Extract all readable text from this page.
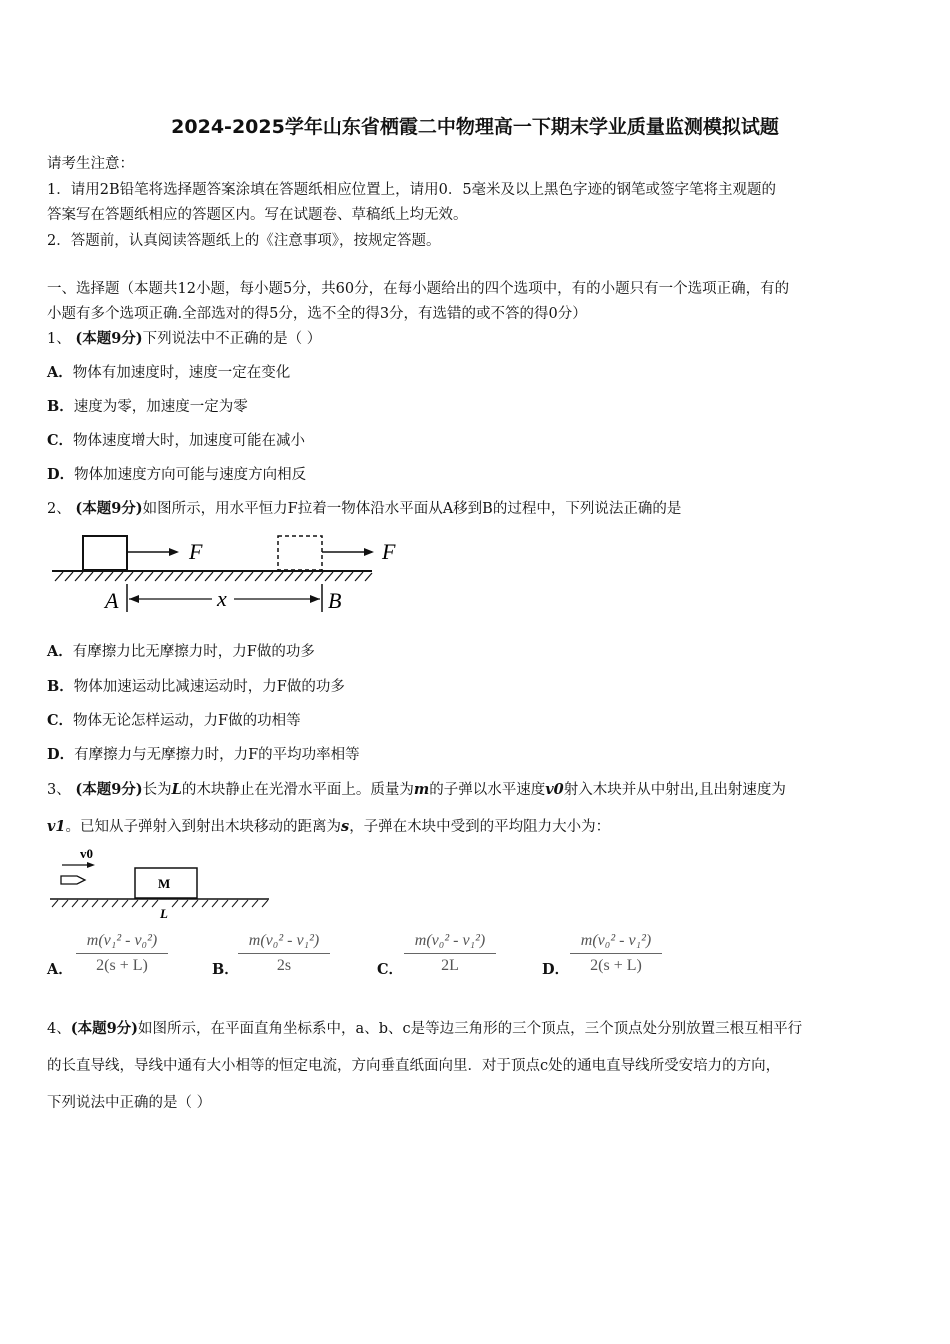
2024-2025学年山东省栖霞二中物理高一下期末学业质量监测模拟试题
请考生注意：
1．请用2B铅笔将选择题答案涂填在答题纸相应位置上，请用0．5毫米及以上黑色字迹的钢笔或签字笔将主观题的
答案写在答题纸相应的答题区内。写在试题卷、草稿纸上均无效。
2．答题前，认真阅读答题纸上的《注意事项》，按规定答题。
一、选择题（本题共12小题，每小题5分，共60分，在每小题给出的四个选项中，有的小题只有一个选项正确，有的
小题有多个选项正确.全部选对的得5分，选不全的得3分，有选错的或不答的得0分）
1、 (本题9分)下列说法中不正确的是（ ）
A．物体有加速度时，速度一定在变化
B．速度为零，加速度一定为零
C．物体速度增大时，加速度可能在减小
D．物体加速度方向可能与速度方向相反
2、 (本题9分)如图所示，用水平恒力F拉着一物体沿水平面从A移到B的过程中，下列说法正确的是
F	F
A	B
x
A．有摩擦力比无摩擦力时，力F做的功多
B．物体加速运动比减速运动时，力F做的功多
C．物体无论怎样运动，力F做的功相等
D．有摩擦力与无摩擦力时，力F的平均功率相等
3、 (本题9分)长为L的木块静止在光滑水平面上。质量为m的子弹以水平速度v0射入木块并从中射出,且出射速度为
v1。已知从子弹射入到射出木块移动的距离为s，子弹在木块中受到的平均阻力大小为：
v0
M
L
A．
m(v₁² - v₀²)
2(s + L)	B．
m(v₀² - v₁²)
2s	C．
m(v₀² - v₁²)
2L	D．
m(v₀² - v₁²)
2(s + L)
4、(本题9分)如图所示，在平面直角坐标系中，a、b、c是等边三角形的三个顶点，三个顶点处分别放置三根互相平行
的长直导线，导线中通有大小相等的恒定电流，方向垂直纸面向里．对于顶点c处的通电直导线所受安培力的方向，
下列说法中正确的是（ ）
